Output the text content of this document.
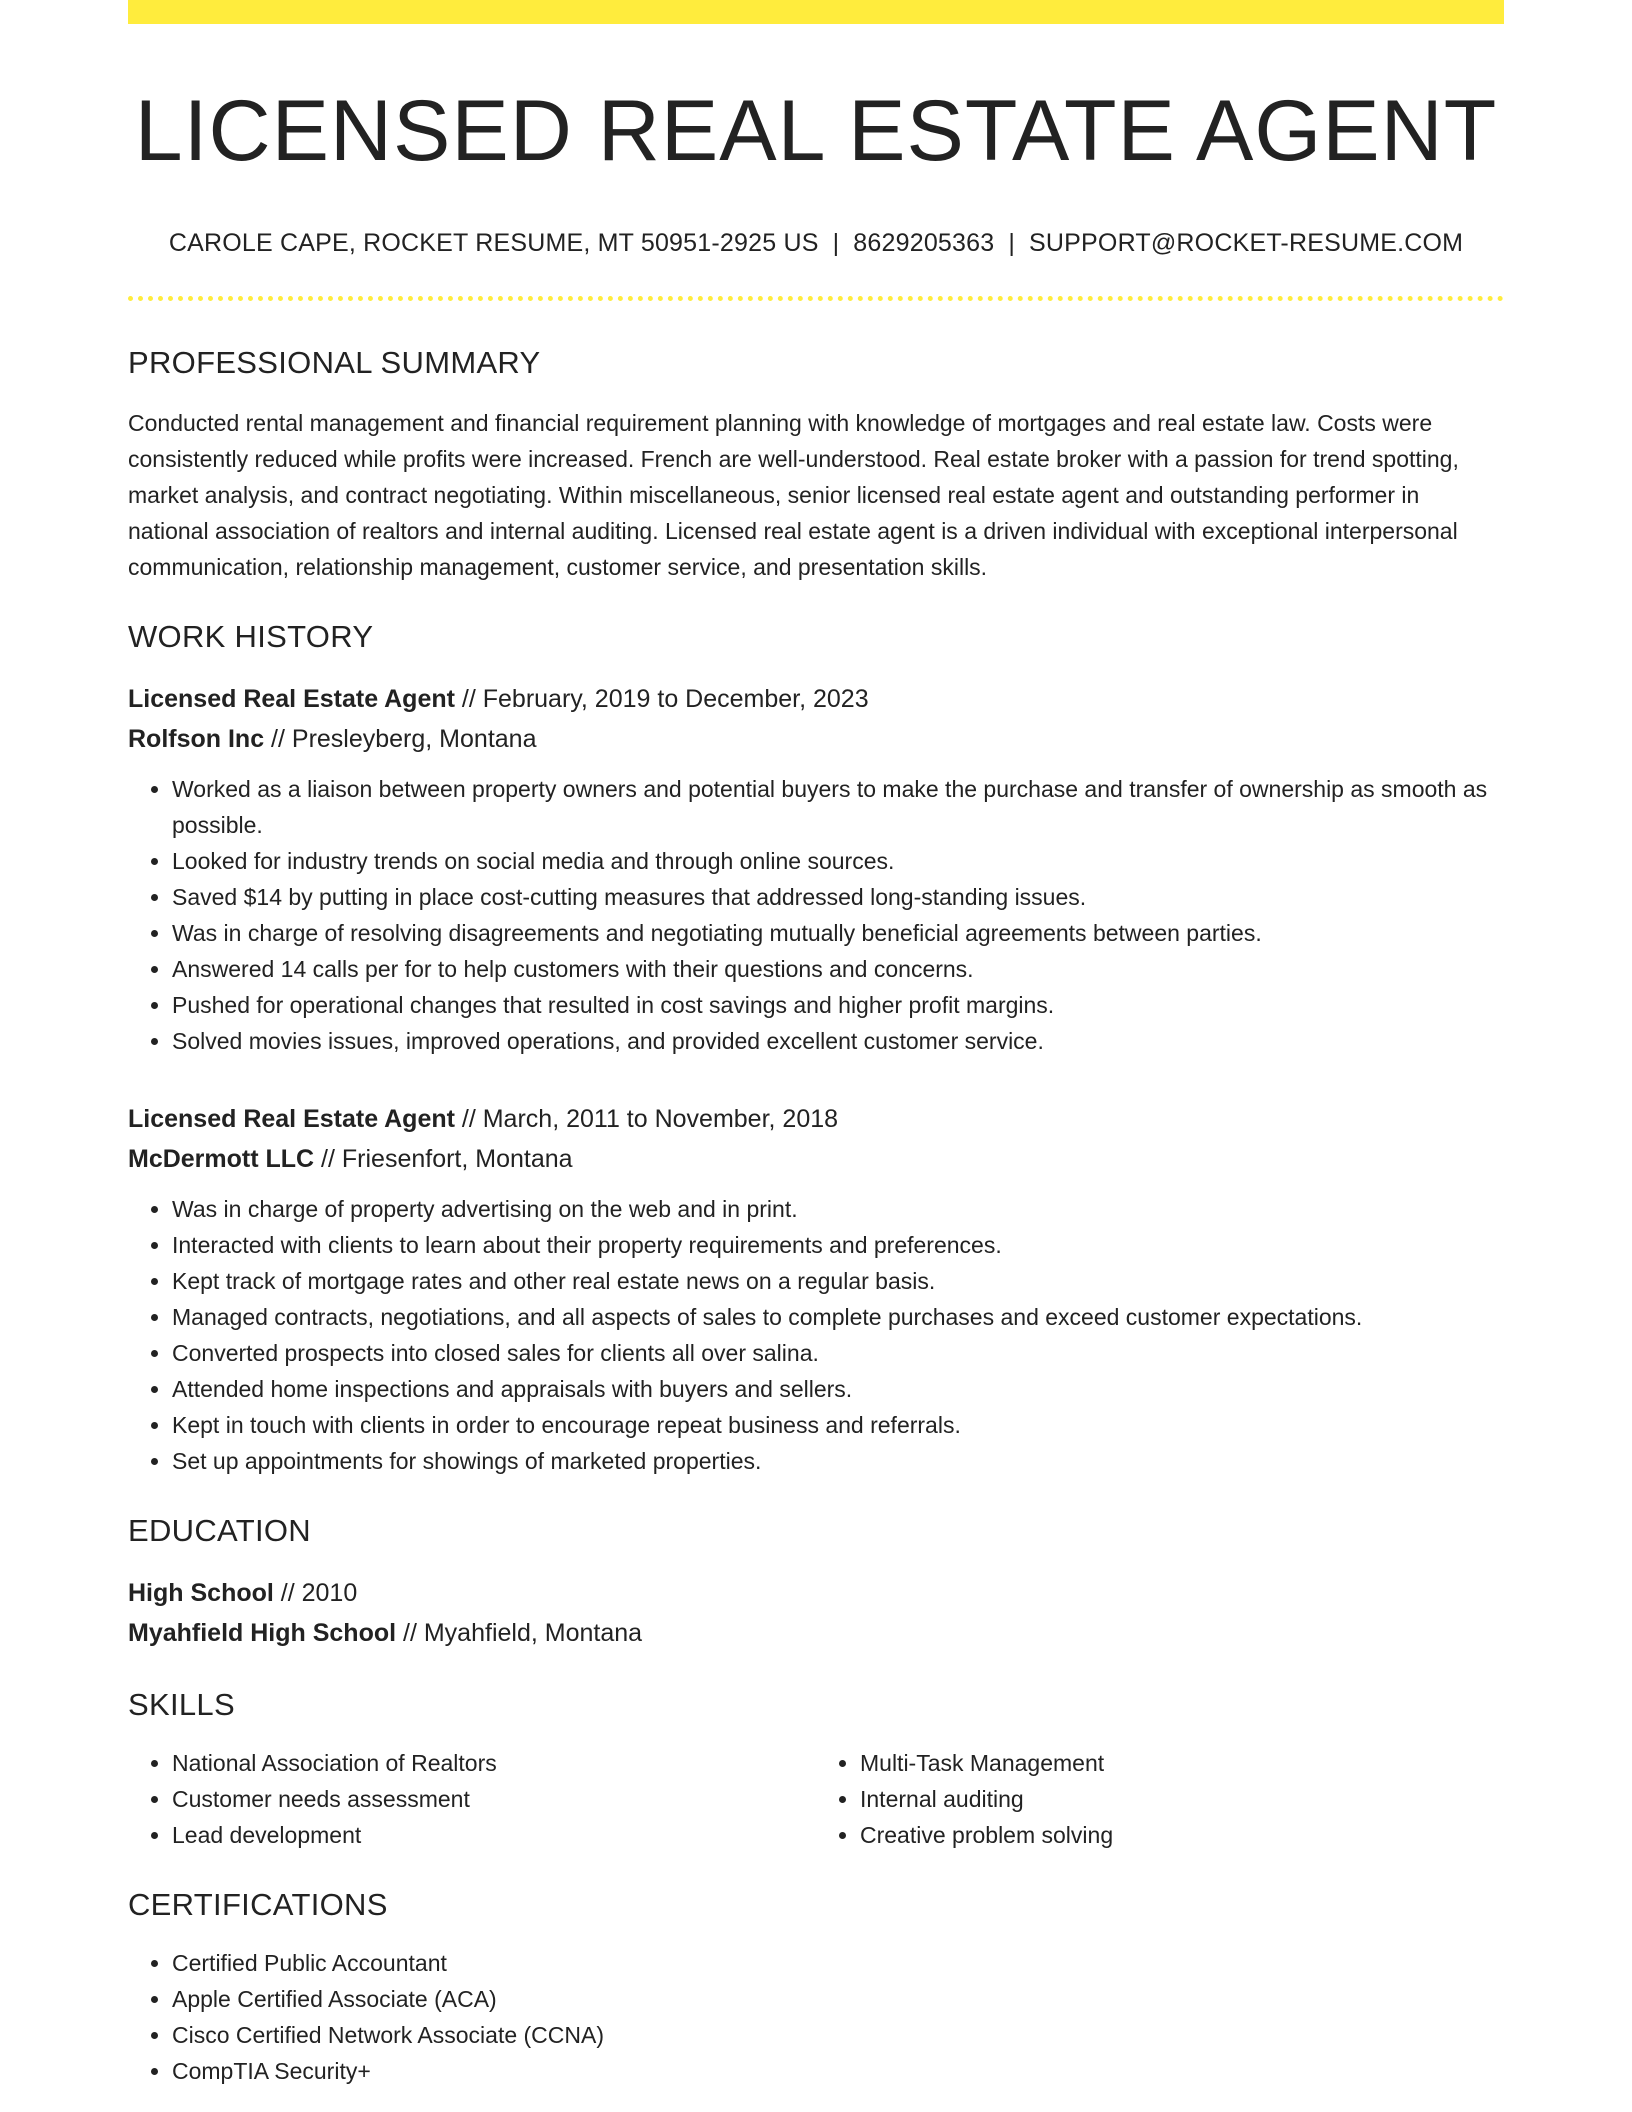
LICENSED REAL ESTATE AGENT
CAROLE CAPE, ROCKET RESUME, MT 50951-2925 US | 8629205363 | SUPPORT@ROCKET-RESUME.COM
PROFESSIONAL SUMMARY
Conducted rental management and financial requirement planning with knowledge of mortgages and real estate law. Costs were consistently reduced while profits were increased. French are well-understood. Real estate broker with a passion for trend spotting, market analysis, and contract negotiating. Within miscellaneous, senior licensed real estate agent and outstanding performer in national association of realtors and internal auditing. Licensed real estate agent is a driven individual with exceptional interpersonal communication, relationship management, customer service, and presentation skills.
WORK HISTORY
Licensed Real Estate Agent // February, 2019 to December, 2023
Rolfson Inc // Presleyberg, Montana
• Worked as a liaison between property owners and potential buyers to make the purchase and transfer of ownership as smooth as possible.
• Looked for industry trends on social media and through online sources.
• Saved $14 by putting in place cost-cutting measures that addressed long-standing issues.
• Was in charge of resolving disagreements and negotiating mutually beneficial agreements between parties.
• Answered 14 calls per for to help customers with their questions and concerns.
• Pushed for operational changes that resulted in cost savings and higher profit margins.
• Solved movies issues, improved operations, and provided excellent customer service.
Licensed Real Estate Agent // March, 2011 to November, 2018
McDermott LLC // Friesenfort, Montana
• Was in charge of property advertising on the web and in print.
• Interacted with clients to learn about their property requirements and preferences.
• Kept track of mortgage rates and other real estate news on a regular basis.
• Managed contracts, negotiations, and all aspects of sales to complete purchases and exceed customer expectations.
• Converted prospects into closed sales for clients all over salina.
• Attended home inspections and appraisals with buyers and sellers.
• Kept in touch with clients in order to encourage repeat business and referrals.
• Set up appointments for showings of marketed properties.
EDUCATION
High School // 2010
Myahfield High School // Myahfield, Montana
SKILLS
• National Association of Realtors
• Customer needs assessment
• Lead development
• Multi-Task Management
• Internal auditing
• Creative problem solving
CERTIFICATIONS
• Certified Public Accountant
• Apple Certified Associate (ACA)
• Cisco Certified Network Associate (CCNA)
• CompTIA Security+
